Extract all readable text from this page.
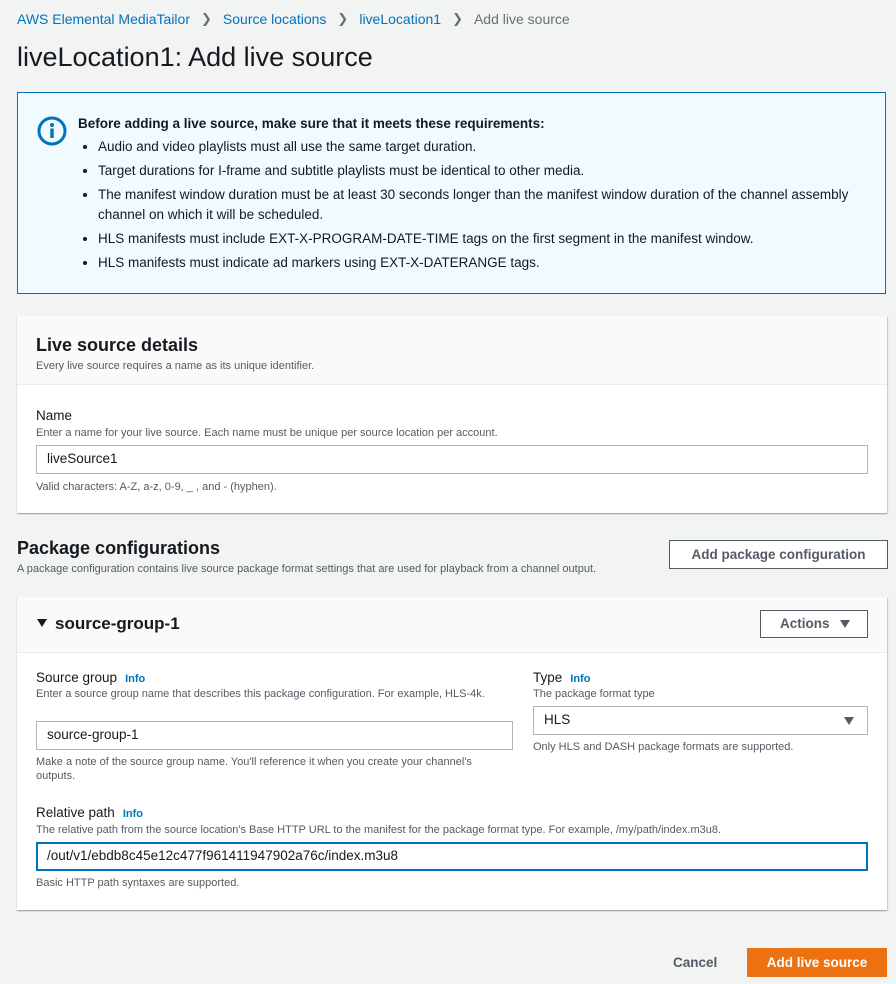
AWS Elemental MediaTailor ❯ Source locations ❯ liveLocation1 ❯ Add live source
liveLocation1: Add live source
Before adding a live source, make sure that it meets these requirements:
• Audio and video playlists must all use the same target duration.
• Target durations for I-frame and subtitle playlists must be identical to other media.
• The manifest window duration must be at least 30 seconds longer than the manifest window duration of the channel assembly channel on which it will be scheduled.
• HLS manifests must include EXT-X-PROGRAM-DATE-TIME tags on the first segment in the manifest window.
• HLS manifests must indicate ad markers using EXT-X-DATERANGE tags.
Live source details
Every live source requires a name as its unique identifier.
Name
Enter a name for your live source. Each name must be unique per source location per account.
liveSource1
Valid characters: A-Z, a-z, 0-9, _ , and - (hyphen).
Package configurations
A package configuration contains live source package format settings that are used for playback from a channel output.
Add package configuration
source-group-1	Actions
Source group Info
Enter a source group name that describes this package configuration. For example, HLS-4k.
source-group-1
Make a note of the source group name. You'll reference it when you create your channel's outputs.
Type Info
The package format type
HLS
Only HLS and DASH package formats are supported.
Relative path Info
The relative path from the source location's Base HTTP URL to the manifest for the package format type. For example, /my/path/index.m3u8.
/out/v1/ebdb8c45e12c477f961411947902a76c/index.m3u8
Basic HTTP path syntaxes are supported.
Cancel	Add live source
